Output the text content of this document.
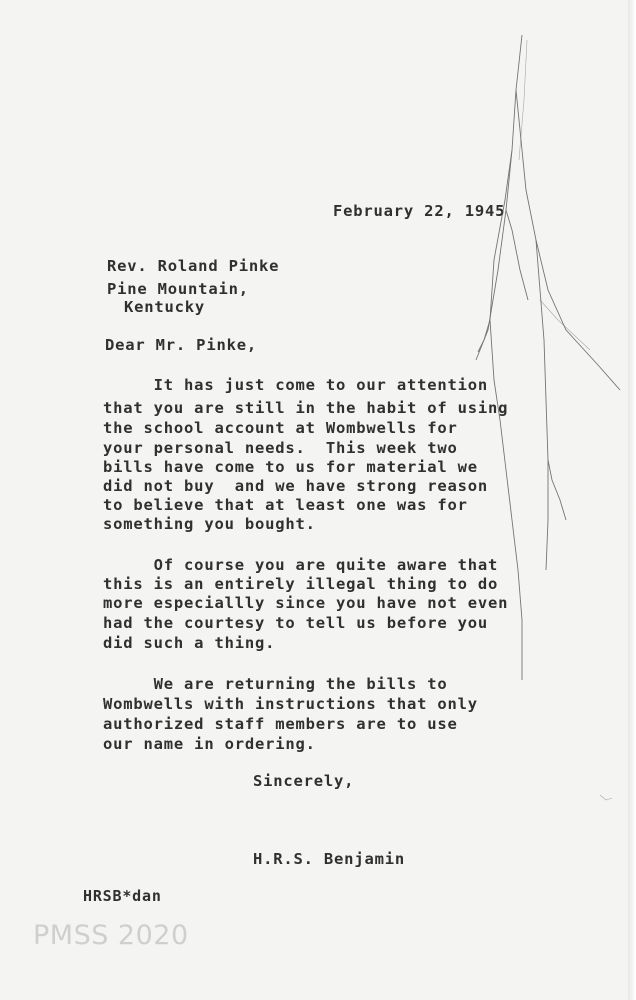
February 22, 1945
Rev. Roland Pinke
Pine Mountain,
Kentucky
Dear Mr. Pinke,
It has just come to our attention
that you are still in the habit of using
the school account at Wombwells for
your personal needs.  This week two
bills have come to us for material we
did not buy  and we have strong reason
to believe that at least one was for
something you bought.
Of course you are quite aware that
this is an entirely illegal thing to do
more especiallly since you have not even
had the courtesy to tell us before you
did such a thing.
We are returning the bills to
Wombwells with instructions that only
authorized staff members are to use
our name in ordering.
Sincerely,
H.R.S. Benjamin
HRSB*dan
PMSS 2020
